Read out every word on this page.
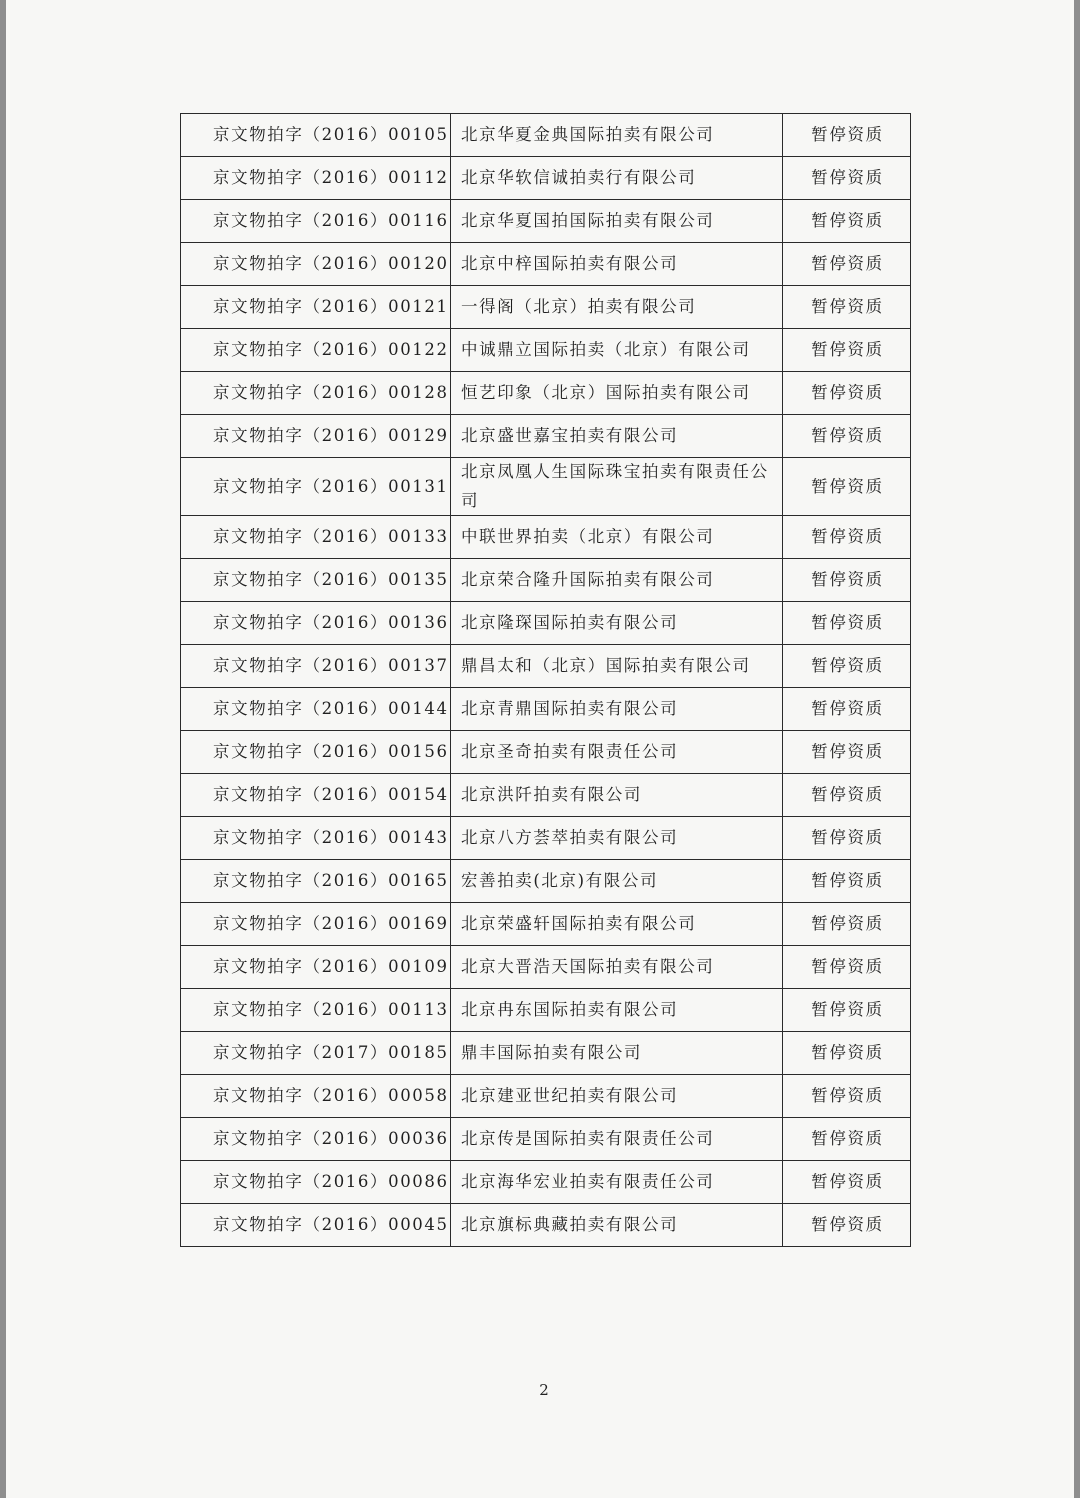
京文物拍字（2016）00105	北京华夏金典国际拍卖有限公司	暂停资质
京文物拍字（2016）00112	北京华软信诚拍卖行有限公司	暂停资质
京文物拍字（2016）00116	北京华夏国拍国际拍卖有限公司	暂停资质
京文物拍字（2016）00120	北京中梓国际拍卖有限公司	暂停资质
京文物拍字（2016）00121	一得阁（北京）拍卖有限公司	暂停资质
京文物拍字（2016）00122	中诚鼎立国际拍卖（北京）有限公司	暂停资质
京文物拍字（2016）00128	恒艺印象（北京）国际拍卖有限公司	暂停资质
京文物拍字（2016）00129	北京盛世嘉宝拍卖有限公司	暂停资质
京文物拍字（2016）00131	北京凤凰人生国际珠宝拍卖有限责任公司	暂停资质
京文物拍字（2016）00133	中联世界拍卖（北京）有限公司	暂停资质
京文物拍字（2016）00135	北京荣合隆升国际拍卖有限公司	暂停资质
京文物拍字（2016）00136	北京隆琛国际拍卖有限公司	暂停资质
京文物拍字（2016）00137	鼎昌太和（北京）国际拍卖有限公司	暂停资质
京文物拍字（2016）00144	北京青鼎国际拍卖有限公司	暂停资质
京文物拍字（2016）00156	北京圣奇拍卖有限责任公司	暂停资质
京文物拍字（2016）00154	北京洪阡拍卖有限公司	暂停资质
京文物拍字（2016）00143	北京八方荟萃拍卖有限公司	暂停资质
京文物拍字（2016）00165	宏善拍卖(北京)有限公司	暂停资质
京文物拍字（2016）00169	北京荣盛轩国际拍卖有限公司	暂停资质
京文物拍字（2016）00109	北京大晋浩天国际拍卖有限公司	暂停资质
京文物拍字（2016）00113	北京冉东国际拍卖有限公司	暂停资质
京文物拍字（2017）00185	鼎丰国际拍卖有限公司	暂停资质
京文物拍字（2016）00058	北京建亚世纪拍卖有限公司	暂停资质
京文物拍字（2016）00036	北京传是国际拍卖有限责任公司	暂停资质
京文物拍字（2016）00086	北京海华宏业拍卖有限责任公司	暂停资质
京文物拍字（2016）00045	北京旗标典藏拍卖有限公司	暂停资质
2
